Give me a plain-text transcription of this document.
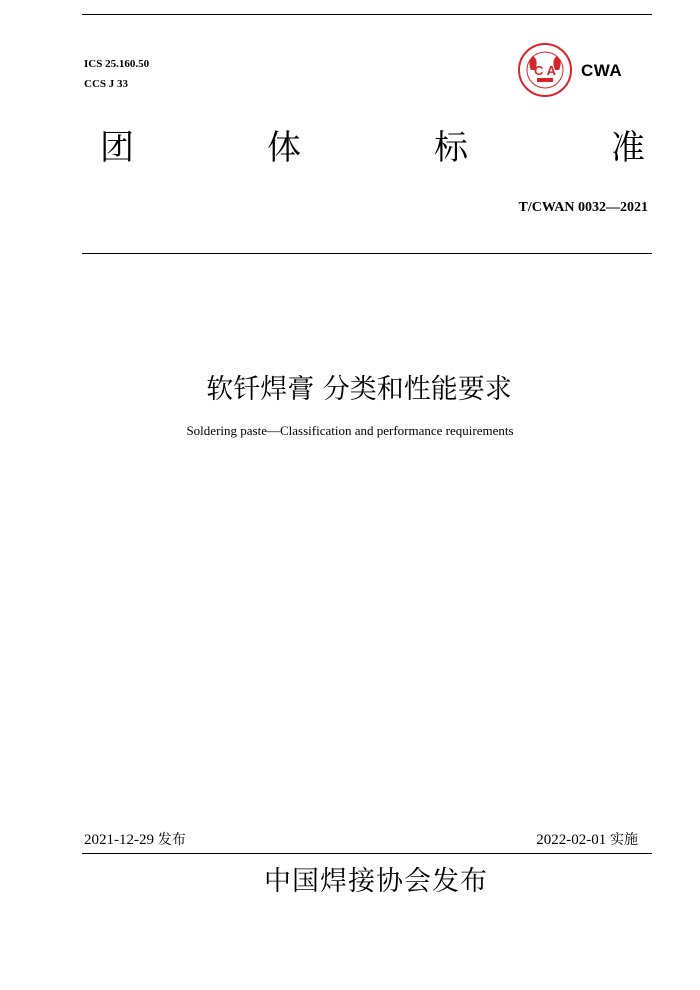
ICS 25.160.50
CCS J 33
C A CWA
团	体	标	准
T/CWAN 0032—2021
软钎焊膏 分类和性能要求
Soldering paste—Classification and performance requirements
2021-12-29 发布	2022-02-01 实施
中国焊接协会发布
